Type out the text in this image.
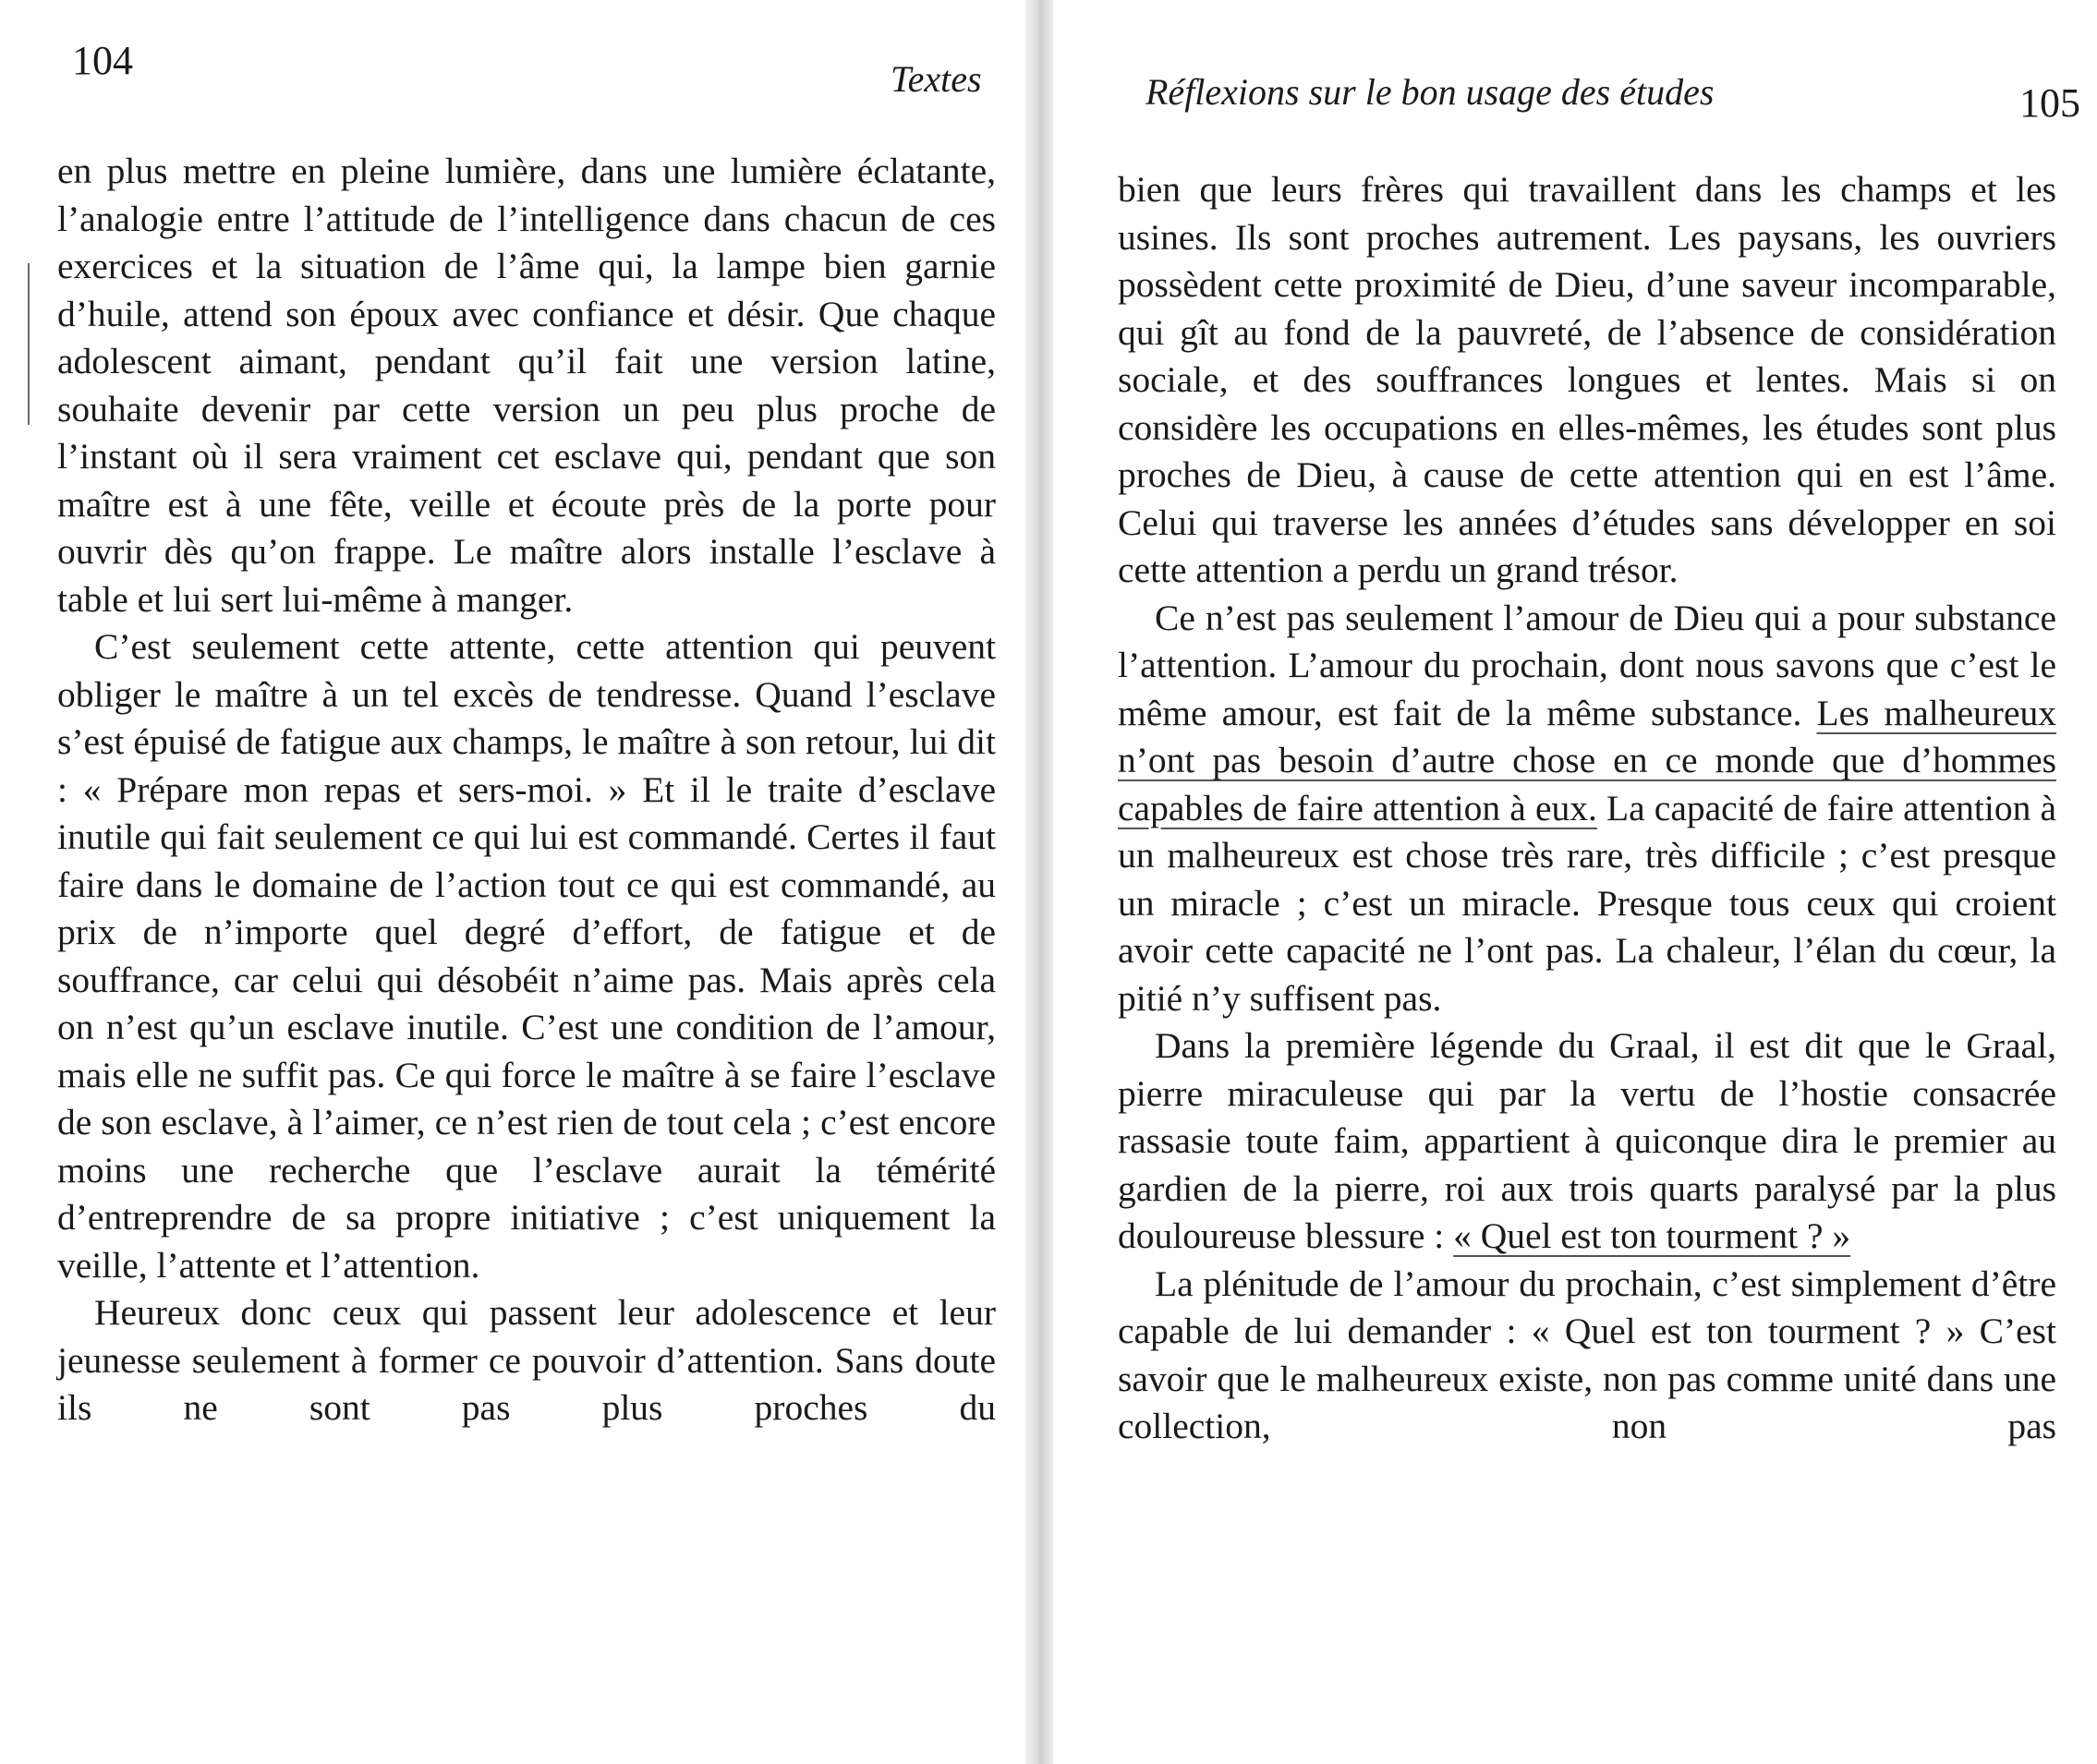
104	Textes

en plus mettre en pleine lumière, dans une lumière éclatante, l’analogie entre l’attitude de l’intelligence dans chacun de ces exercices et la situation de l’âme qui, la lampe bien garnie d’huile, attend son époux avec confiance et désir. Que chaque adolescent aimant, pendant qu’il fait une version latine, souhaite devenir par cette version un peu plus proche de l’instant où il sera vraiment cet esclave qui, pendant que son maître est à une fête, veille et écoute près de la porte pour ouvrir dès qu’on frappe. Le maître alors installe l’esclave à table et lui sert lui-même à manger.

C’est seulement cette attente, cette attention qui peuvent obliger le maître à un tel excès de tendresse. Quand l’esclave s’est épuisé de fatigue aux champs, le maître à son retour, lui dit : « Prépare mon repas et sers-moi. » Et il le traite d’esclave inutile qui fait seulement ce qui lui est commandé. Certes il faut faire dans le domaine de l’action tout ce qui est commandé, au prix de n’importe quel degré d’effort, de fatigue et de souffrance, car celui qui désobéit n’aime pas. Mais après cela on n’est qu’un esclave inutile. C’est une condition de l’amour, mais elle ne suffit pas. Ce qui force le maître à se faire l’esclave de son esclave, à l’aimer, ce n’est rien de tout cela ; c’est encore moins une recherche que l’esclave aurait la témérité d’entreprendre de sa propre initiative ; c’est uniquement la veille, l’attente et l’attention.

Heureux donc ceux qui passent leur adolescence et leur jeunesse seulement à former ce pouvoir d’attention. Sans doute ils ne sont pas plus proches du

Réflexions sur le bon usage des études	105

bien que leurs frères qui travaillent dans les champs et les usines. Ils sont proches autrement. Les paysans, les ouvriers possèdent cette proximité de Dieu, d’une saveur incomparable, qui gît au fond de la pauvreté, de l’absence de considération sociale, et des souffrances longues et lentes. Mais si on considère les occupations en elles-mêmes, les études sont plus proches de Dieu, à cause de cette attention qui en est l’âme. Celui qui traverse les années d’études sans développer en soi cette attention a perdu un grand trésor.

Ce n’est pas seulement l’amour de Dieu qui a pour substance l’attention. L’amour du prochain, dont nous savons que c’est le même amour, est fait de la même substance. Les malheureux n’ont pas besoin d’autre chose en ce monde que d’hommes capables de faire attention à eux. La capacité de faire attention à un malheureux est chose très rare, très difficile ; c’est presque un miracle ; c’est un miracle. Presque tous ceux qui croient avoir cette capacité ne l’ont pas. La chaleur, l’élan du cœur, la pitié n’y suffisent pas.

Dans la première légende du Graal, il est dit que le Graal, pierre miraculeuse qui par la vertu de l’hostie consacrée rassasie toute faim, appartient à quiconque dira le premier au gardien de la pierre, roi aux trois quarts paralysé par la plus douloureuse blessure : « Quel est ton tourment ? »

La plénitude de l’amour du prochain, c’est simplement d’être capable de lui demander : « Quel est ton tourment ? » C’est savoir que le malheureux existe, non pas comme unité dans une collection, non pas
